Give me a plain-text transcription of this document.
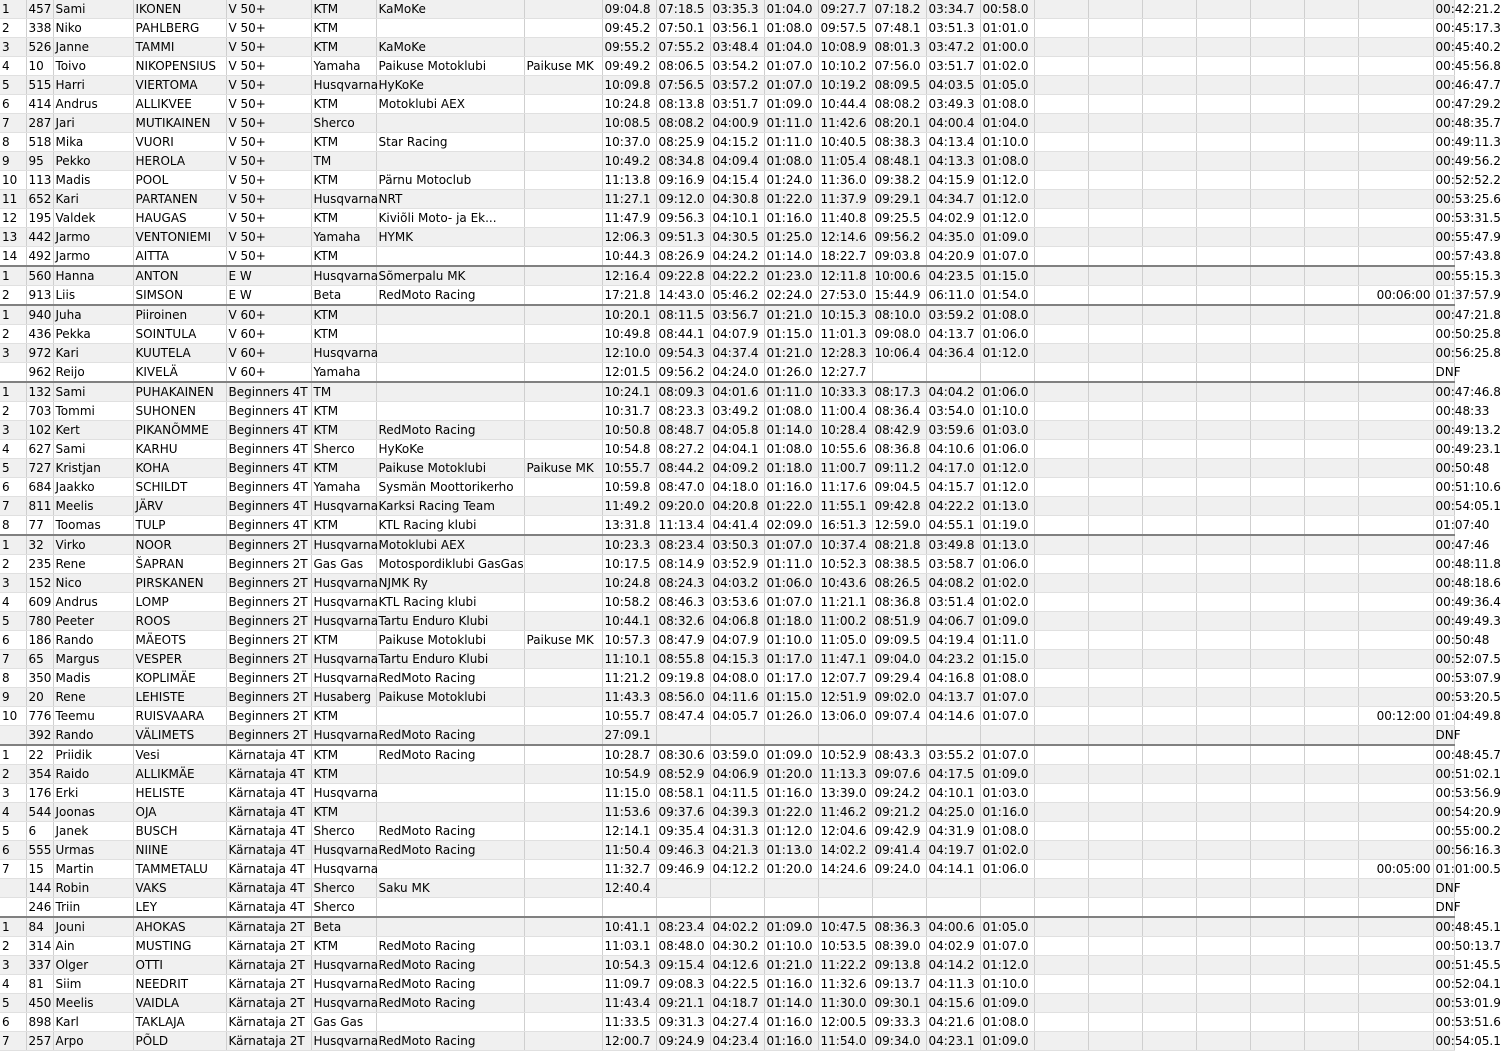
1	457	Sami	IKONEN	V 50+	KTM	KaMoKe		09:04.8	07:18.5	03:35.3	01:04.0	09:27.7	07:18.2	03:34.7	00:58.0								00:42:21.2	
2	338	Niko	PAHLBERG	V 50+	KTM			09:45.2	07:50.1	03:56.1	01:08.0	09:57.5	07:48.1	03:51.3	01:01.0								00:45:17.3	
3	526	Janne	TAMMI	V 50+	KTM	KaMoKe		09:55.2	07:55.2	03:48.4	01:04.0	10:08.9	08:01.3	03:47.2	01:00.0								00:45:40.2	
4	10	Toivo	NIKOPENSIUS	V 50+	Yamaha	Paikuse Motoklubi	Paikuse MK	09:49.2	08:06.5	03:54.2	01:07.0	10:10.2	07:56.0	03:51.7	01:02.0								00:45:56.8	
5	515	Harri	VIERTOMA	V 50+	Husqvarna	HyKoKe		10:09.8	07:56.5	03:57.2	01:07.0	10:19.2	08:09.5	04:03.5	01:05.0								00:46:47.7	
6	414	Andrus	ALLIKVEE	V 50+	KTM	Motoklubi AEX		10:24.8	08:13.8	03:51.7	01:09.0	10:44.4	08:08.2	03:49.3	01:08.0								00:47:29.2	
7	287	Jari	MUTIKAINEN	V 50+	Sherco			10:08.5	08:08.2	04:00.9	01:11.0	11:42.6	08:20.1	04:00.4	01:04.0								00:48:35.7	
8	518	Mika	VUORI	V 50+	KTM	Star Racing		10:37.0	08:25.9	04:15.2	01:11.0	10:40.5	08:38.3	04:13.4	01:10.0								00:49:11.3	
9	95	Pekko	HEROLA	V 50+	TM			10:49.2	08:34.8	04:09.4	01:08.0	11:05.4	08:48.1	04:13.3	01:08.0								00:49:56.2	
10	113	Madis	POOL	V 50+	KTM	Pärnu Motoclub		11:13.8	09:16.9	04:15.4	01:24.0	11:36.0	09:38.2	04:15.9	01:12.0								00:52:52.2	
11	652	Kari	PARTANEN	V 50+	Husqvarna	NRT		11:27.1	09:12.0	04:30.8	01:22.0	11:37.9	09:29.1	04:34.7	01:12.0								00:53:25.6	
12	195	Valdek	HAUGAS	V 50+	KTM	Kiviõli Moto- ja Ek...		11:47.9	09:56.3	04:10.1	01:16.0	11:40.8	09:25.5	04:02.9	01:12.0								00:53:31.5	
13	442	Jarmo	VENTONIEMI	V 50+	Yamaha	HYMK		12:06.3	09:51.3	04:30.5	01:25.0	12:14.6	09:56.2	04:35.0	01:09.0								00:55:47.9	
14	492	Jarmo	AITTA	V 50+	KTM			10:44.3	08:26.9	04:24.2	01:14.0	18:22.7	09:03.8	04:20.9	01:07.0								00:57:43.8	
1	560	Hanna	ANTON	E W	Husqvarna	Sõmerpalu MK		12:16.4	09:22.8	04:22.2	01:23.0	12:11.8	10:00.6	04:23.5	01:15.0								00:55:15.3	
2	913	Liis	SIMSON	E W	Beta	RedMoto Racing		17:21.8	14:43.0	05:46.2	02:24.0	27:53.0	15:44.9	06:11.0	01:54.0							00:06:00	01:37:57.9	
1	940	Juha	Piiroinen	V 60+	KTM			10:20.1	08:11.5	03:56.7	01:21.0	10:15.3	08:10.0	03:59.2	01:08.0								00:47:21.8	
2	436	Pekka	SOINTULA	V 60+	KTM			10:49.8	08:44.1	04:07.9	01:15.0	11:01.3	09:08.0	04:13.7	01:06.0								00:50:25.8	
3	972	Kari	KUUTELA	V 60+	Husqvarna			12:10.0	09:54.3	04:37.4	01:21.0	12:28.3	10:06.4	04:36.4	01:12.0								00:56:25.8	
	962	Reijo	KIVELÄ	V 60+	Yamaha			12:01.5	09:56.2	04:24.0	01:26.0	12:27.7											DNF	
1	132	Sami	PUHAKAINEN	Beginners 4T	TM			10:24.1	08:09.3	04:01.6	01:11.0	10:33.3	08:17.3	04:04.2	01:06.0								00:47:46.8	
2	703	Tommi	SUHONEN	Beginners 4T	KTM			10:31.7	08:23.3	03:49.2	01:08.0	11:00.4	08:36.4	03:54.0	01:10.0								00:48:33	
3	102	Kert	PIKANÕMME	Beginners 4T	KTM	RedMoto Racing		10:50.8	08:48.7	04:05.8	01:14.0	10:28.4	08:42.9	03:59.6	01:03.0								00:49:13.2	
4	627	Sami	KARHU	Beginners 4T	Sherco	HyKoKe		10:54.8	08:27.2	04:04.1	01:08.0	10:55.6	08:36.8	04:10.6	01:06.0								00:49:23.1	
5	727	Kristjan	KOHA	Beginners 4T	KTM	Paikuse Motoklubi	Paikuse MK	10:55.7	08:44.2	04:09.2	01:18.0	11:00.7	09:11.2	04:17.0	01:12.0								00:50:48	
6	684	Jaakko	SCHILDT	Beginners 4T	Yamaha	Sysmän Moottorikerho		10:59.8	08:47.0	04:18.0	01:16.0	11:17.6	09:04.5	04:15.7	01:12.0								00:51:10.6	
7	811	Meelis	JÄRV	Beginners 4T	Husqvarna	Karksi Racing Team		11:49.2	09:20.0	04:20.8	01:22.0	11:55.1	09:42.8	04:22.2	01:13.0								00:54:05.1	
8	77	Toomas	TULP	Beginners 4T	KTM	KTL Racing klubi		13:31.8	11:13.4	04:41.4	02:09.0	16:51.3	12:59.0	04:55.1	01:19.0								01:07:40	
1	32	Virko	NOOR	Beginners 2T	Husqvarna	Motoklubi AEX		10:23.3	08:23.4	03:50.3	01:07.0	10:37.4	08:21.8	03:49.8	01:13.0								00:47:46	
2	235	Rene	ŠAPRAN	Beginners 2T	Gas Gas	Motospordiklubi GasGas		10:17.5	08:14.9	03:52.9	01:11.0	10:52.3	08:38.5	03:58.7	01:06.0								00:48:11.8	
3	152	Nico	PIRSKANEN	Beginners 2T	Husqvarna	NJMK Ry		10:24.8	08:24.3	04:03.2	01:06.0	10:43.6	08:26.5	04:08.2	01:02.0								00:48:18.6	
4	609	Andrus	LOMP	Beginners 2T	Husqvarna	KTL Racing klubi		10:58.2	08:46.3	03:53.6	01:07.0	11:21.1	08:36.8	03:51.4	01:02.0								00:49:36.4	
5	780	Peeter	ROOS	Beginners 2T	Husqvarna	Tartu Enduro Klubi		10:44.1	08:32.6	04:06.8	01:18.0	11:00.2	08:51.9	04:06.7	01:09.0								00:49:49.3	
6	186	Rando	MÄEOTS	Beginners 2T	KTM	Paikuse Motoklubi	Paikuse MK	10:57.3	08:47.9	04:07.9	01:10.0	11:05.0	09:09.5	04:19.4	01:11.0								00:50:48	
7	65	Margus	VESPER	Beginners 2T	Husqvarna	Tartu Enduro Klubi		11:10.1	08:55.8	04:15.3	01:17.0	11:47.1	09:04.0	04:23.2	01:15.0								00:52:07.5	
8	350	Madis	KOPLIMÄE	Beginners 2T	Husqvarna	RedMoto Racing		11:21.2	09:19.8	04:08.0	01:17.0	12:07.7	09:29.4	04:16.8	01:08.0								00:53:07.9	
9	20	Rene	LEHISTE	Beginners 2T	Husaberg	Paikuse Motoklubi		11:43.3	08:56.0	04:11.6	01:15.0	12:51.9	09:02.0	04:13.7	01:07.0								00:53:20.5	
10	776	Teemu	RUISVAARA	Beginners 2T	KTM			10:55.7	08:47.4	04:05.7	01:26.0	13:06.0	09:07.4	04:14.6	01:07.0							00:12:00	01:04:49.8	
	392	Rando	VÄLIMETS	Beginners 2T	Husqvarna	RedMoto Racing		27:09.1															DNF	
1	22	Priidik	Vesi	Kärnataja 4T	KTM	RedMoto Racing		10:28.7	08:30.6	03:59.0	01:09.0	10:52.9	08:43.3	03:55.2	01:07.0								00:48:45.7	
2	354	Raido	ALLIKMÄE	Kärnataja 4T	KTM			10:54.9	08:52.9	04:06.9	01:20.0	11:13.3	09:07.6	04:17.5	01:09.0								00:51:02.1	
3	176	Erki	HELISTE	Kärnataja 4T	Husqvarna			11:15.0	08:58.1	04:11.5	01:16.0	13:39.0	09:24.2	04:10.1	01:03.0								00:53:56.9	
4	544	Joonas	OJA	Kärnataja 4T	KTM			11:53.6	09:37.6	04:39.3	01:22.0	11:46.2	09:21.2	04:25.0	01:16.0								00:54:20.9	
5	6	Janek	BUSCH	Kärnataja 4T	Sherco	RedMoto Racing		12:14.1	09:35.4	04:31.3	01:12.0	12:04.6	09:42.9	04:31.9	01:08.0								00:55:00.2	
6	555	Urmas	NIINE	Kärnataja 4T	Husqvarna	RedMoto Racing		11:50.4	09:46.3	04:21.3	01:13.0	14:02.2	09:41.4	04:19.7	01:02.0								00:56:16.3	
7	15	Martin	TAMMETALU	Kärnataja 4T	Husqvarna			11:32.7	09:46.9	04:12.2	01:20.0	14:24.6	09:24.0	04:14.1	01:06.0							00:05:00	01:01:00.5	
	144	Robin	VAKS	Kärnataja 4T	Sherco	Saku MK		12:40.4															DNF	
	246	Triin	LEY	Kärnataja 4T	Sherco																		DNF	
1	84	Jouni	AHOKAS	Kärnataja 2T	Beta			10:41.1	08:23.4	04:02.2	01:09.0	10:47.5	08:36.3	04:00.6	01:05.0								00:48:45.1	
2	314	Ain	MUSTING	Kärnataja 2T	KTM	RedMoto Racing		11:03.1	08:48.0	04:30.2	01:10.0	10:53.5	08:39.0	04:02.9	01:07.0								00:50:13.7	
3	337	Olger	OTTI	Kärnataja 2T	Husqvarna	RedMoto Racing		10:54.3	09:15.4	04:12.6	01:21.0	11:22.2	09:13.8	04:14.2	01:12.0								00:51:45.5	
4	81	Siim	NEEDRIT	Kärnataja 2T	Husqvarna	RedMoto Racing		11:09.7	09:08.3	04:22.5	01:16.0	11:32.6	09:13.7	04:11.3	01:10.0								00:52:04.1	
5	450	Meelis	VAIDLA	Kärnataja 2T	Husqvarna	RedMoto Racing		11:43.4	09:21.1	04:18.7	01:14.0	11:30.0	09:30.1	04:15.6	01:09.0								00:53:01.9	
6	898	Karl	TAKLAJA	Kärnataja 2T	Gas Gas			11:33.5	09:31.3	04:27.4	01:16.0	12:00.5	09:33.3	04:21.6	01:08.0								00:53:51.6	
7	257	Arpo	PÕLD	Kärnataja 2T	Husqvarna	RedMoto Racing		12:00.7	09:24.9	04:23.4	01:16.0	11:54.0	09:34.0	04:23.1	01:09.0								00:54:05.1	
